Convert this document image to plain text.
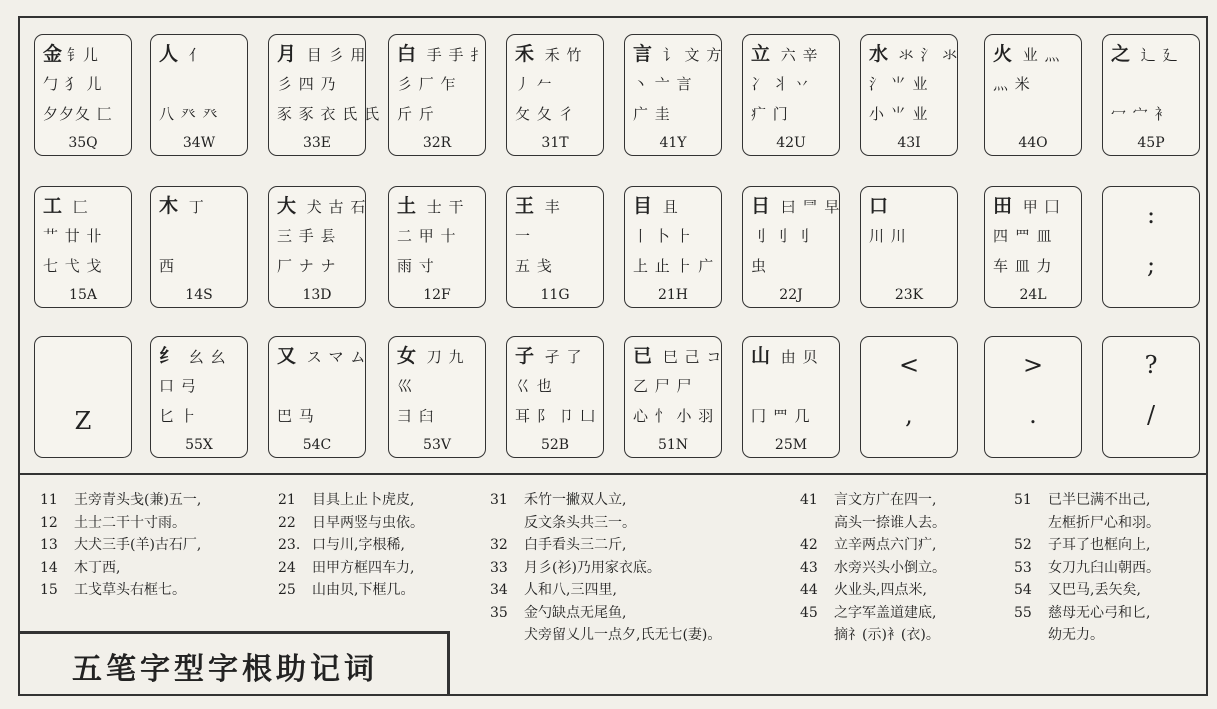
金 钅儿
勹 犭 儿
夕夕夂 匚
35Q
人 亻
八 癶 癶
34W
月 目 彡 用
彡 四 乃
豕 豕 衣 氏 氏
33E
白 手 手 扌
彡 厂 乍
斤 斤
32R
禾 禾 竹
丿 𠂉
攵 夂 彳
31T
言 讠 文 方
丶 亠 言
广 圭
41Y
立 六 辛
冫 丬 丷
疒 门
42U
水 氺 氵 氺
氵 ⺌ 业
小 ⺌ 业
43I
火 业 灬
灬 米
44O
之 辶 廴
冖 宀 衤
45P
工 匚
艹 廿 卝
七 弋 戈
15A
木 丁
西
14S
大 犬 古 石
三 手 镸
厂 ナ ナ
13D
土 士 干
二 甲 十
雨 寸
12F
王 丰
一
五 戋
11G
目 且
丨 卜 ⺊
上 止 ⺊ 广
21H
日 曰 ⺜ 早
刂 刂 刂
虫
22J
口
川 川
23K
田 甲 囗
四 罒 皿
车 皿 力
24L
:
;
Z
纟 幺 幺
口 弓
匕 ⺊
55X
又 ス マ ム
巴 马
54C
女 刀 九
巛
彐 臼
53V
子 孑 了
巜 也
耳 阝 卩 凵
52B
已 巳 己 コ
乙 尸 尸
心 忄 小 羽
51N
山 由 贝
冂 罒 几
25M
<
,
>
.
?
/
11 王旁青头戋(兼)五一,
12 土士二干十寸雨。
13 大犬三手(羊)古石厂,
14 木丁西,
15 工戈草头右框七。
21 目具上止卜虎皮,
22 日早两竖与虫依。
23. 口与川,字根稀,
24 田甲方框四车力,
25 山由贝,下框几。
31 禾竹一撇双人立,
反文条头共三一。
32 白手看头三二斤,
33 月彡(衫)乃用家衣底。
34 人和八,三四里,
35 金勺缺点无尾鱼,
犬旁留乂儿一点夕,氏无七(妻)。
41 言文方广在四一,
高头一捺谁人去。
42 立辛两点六门疒,
43 水旁兴头小倒立。
44 火业头,四点米,
45 之字军盖道建底,
摘礻(示)衤(衣)。
51 已半巳满不出己,
左框折尸心和羽。
52 子耳了也框向上,
53 女刀九臼山朝西。
54 又巴马,丢矢矣,
55 慈母无心弓和匕,
幼无力。
五笔字型字根助记词
